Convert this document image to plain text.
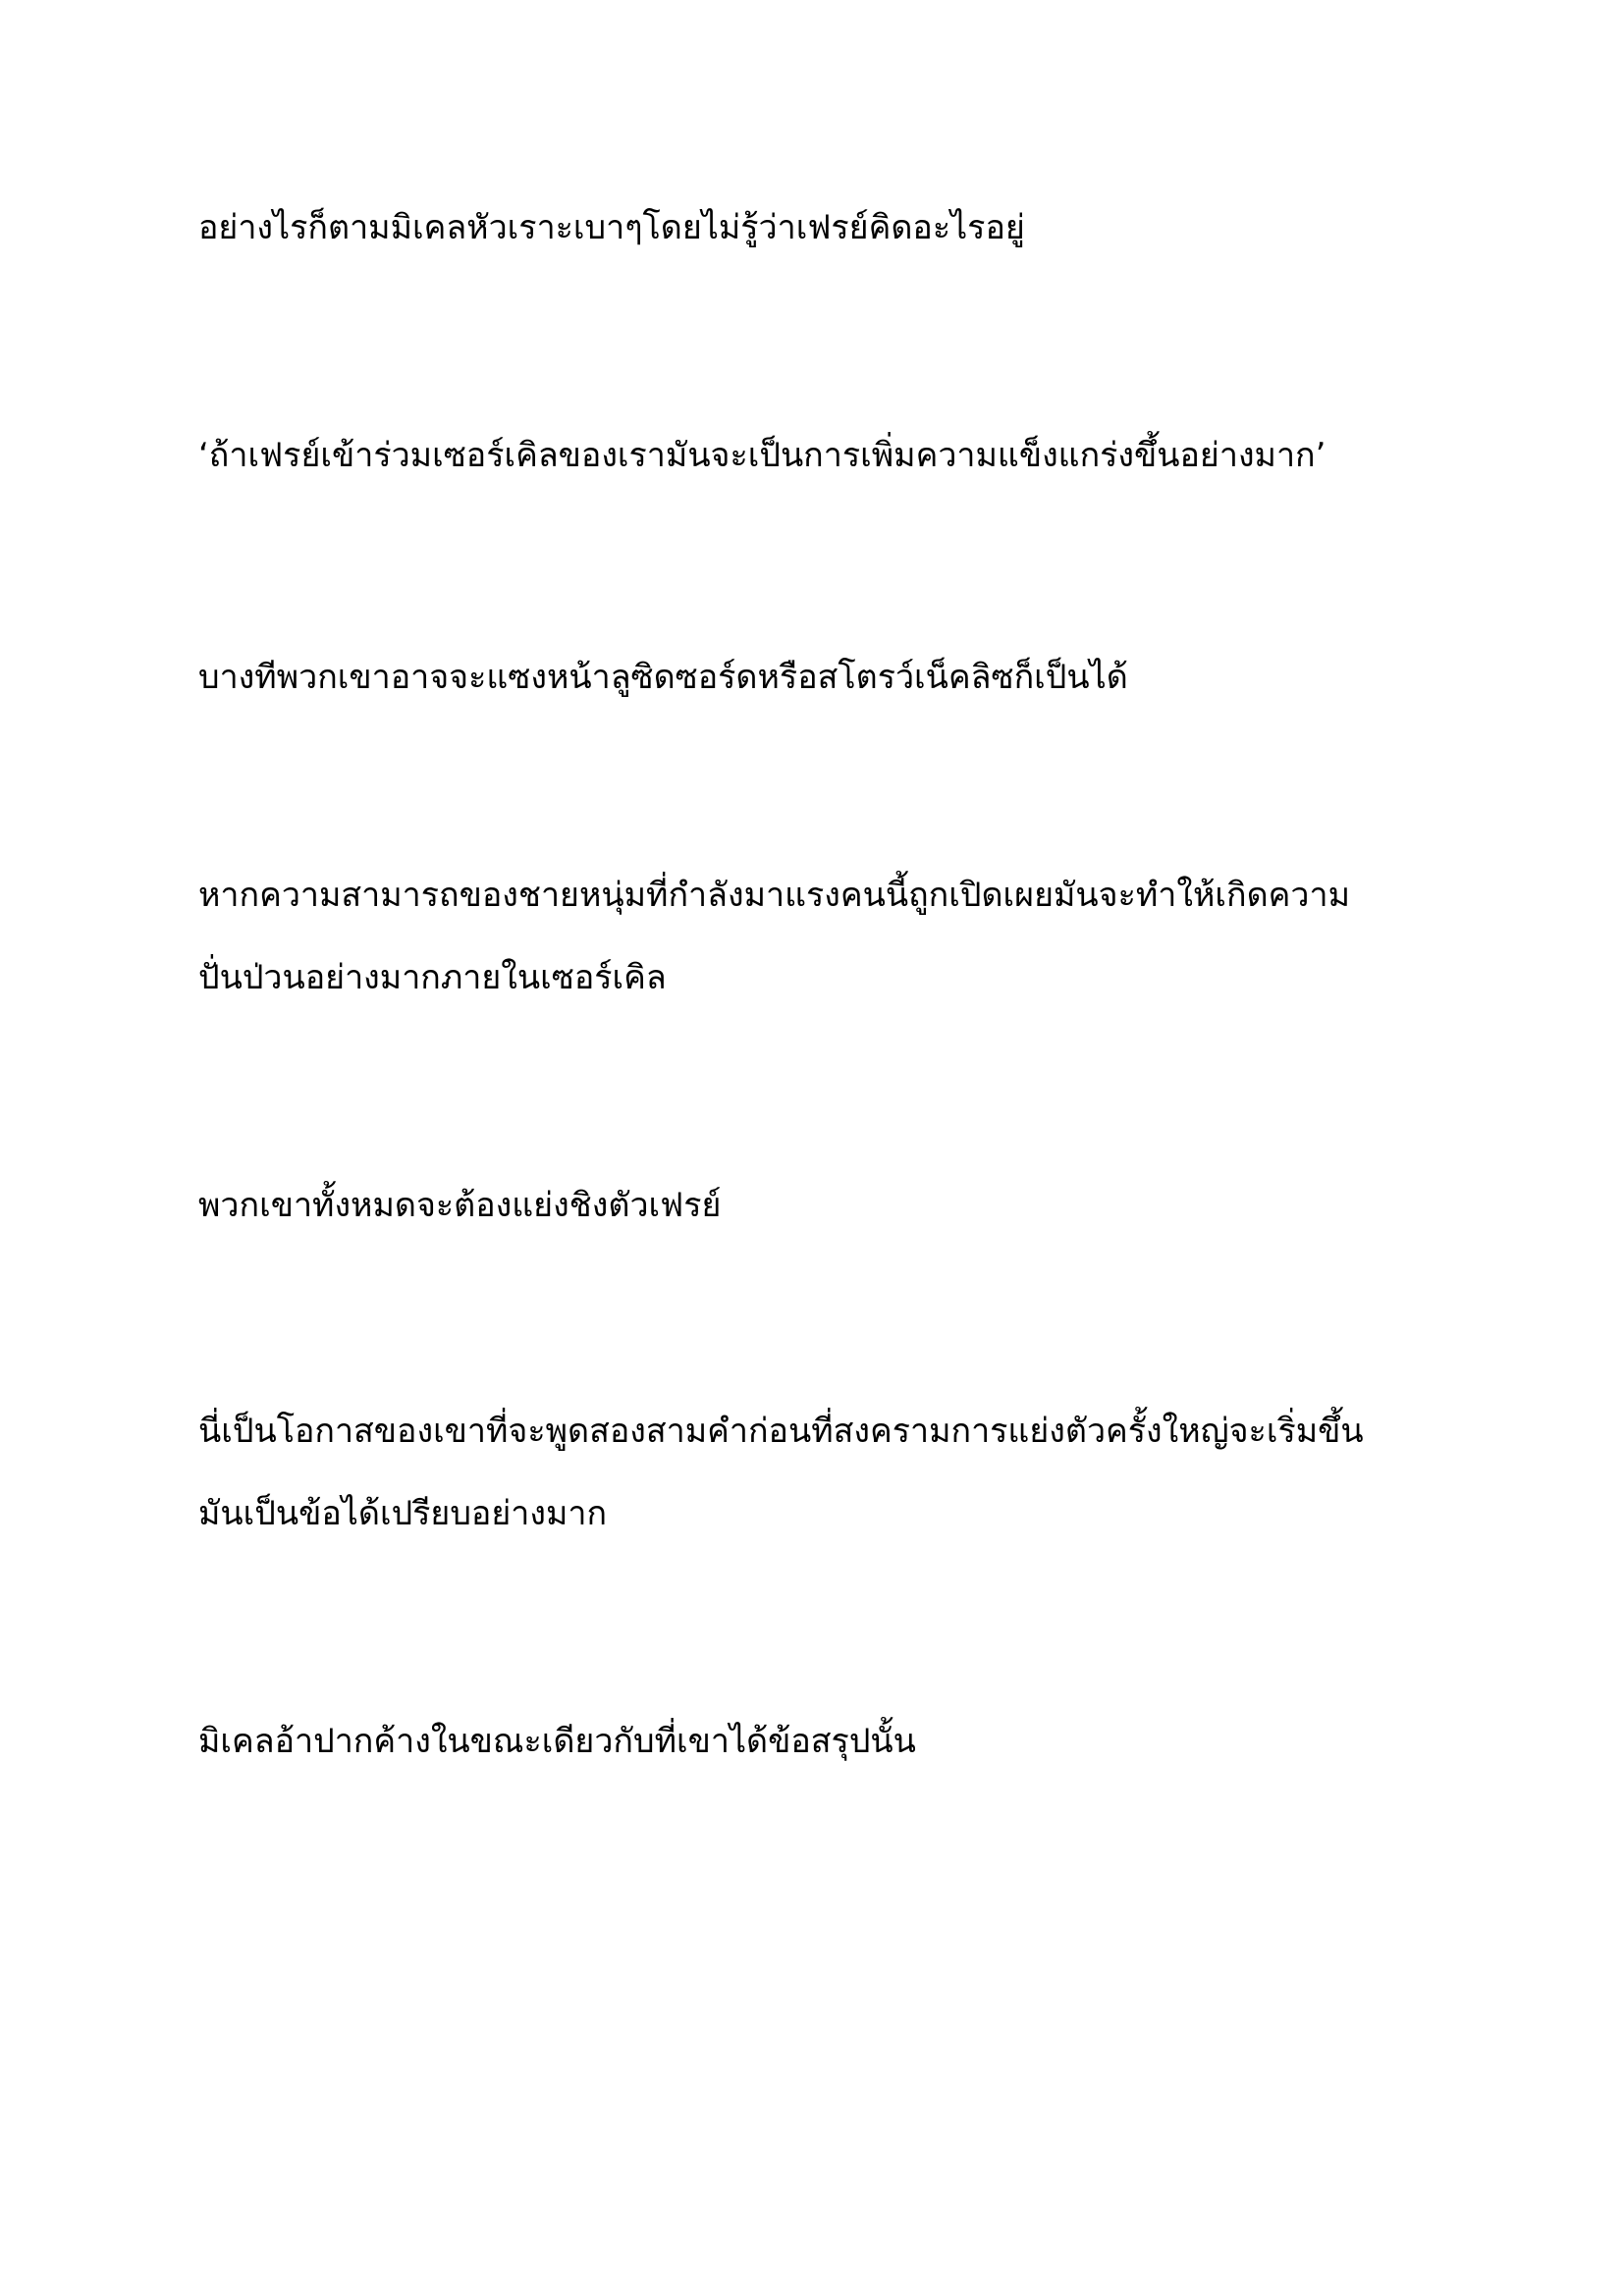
อย่างไรก็ตามมิเคลหัวเราะเบาๆโดยไม่รู้ว่าเฟรย์คิดอะไรอยู่

‘ถ้าเฟรย์เข้าร่วมเซอร์เคิลของเรามันจะเป็นการเพิ่มความแข็งแกร่งขึ้นอย่างมาก’

บางทีพวกเขาอาจจะแซงหน้าลูซิดซอร์ดหรือสโตรว์เน็คลิซก็เป็นได้

หากความสามารถของชายหนุ่มที่กำลังมาแรงคนนี้ถูกเปิดเผยมันจะทำให้เกิดความ
ปั่นป่วนอย่างมากภายในเซอร์เคิล

พวกเขาทั้งหมดจะต้องแย่งชิงตัวเฟรย์

นี่เป็นโอกาสของเขาที่จะพูดสองสามคำก่อนที่สงครามการแย่งตัวครั้งใหญ่จะเริ่มขึ้น
มันเป็นข้อได้เปรียบอย่างมาก

มิเคลอ้าปากค้างในขณะเดียวกับที่เขาได้ข้อสรุปนั้น
